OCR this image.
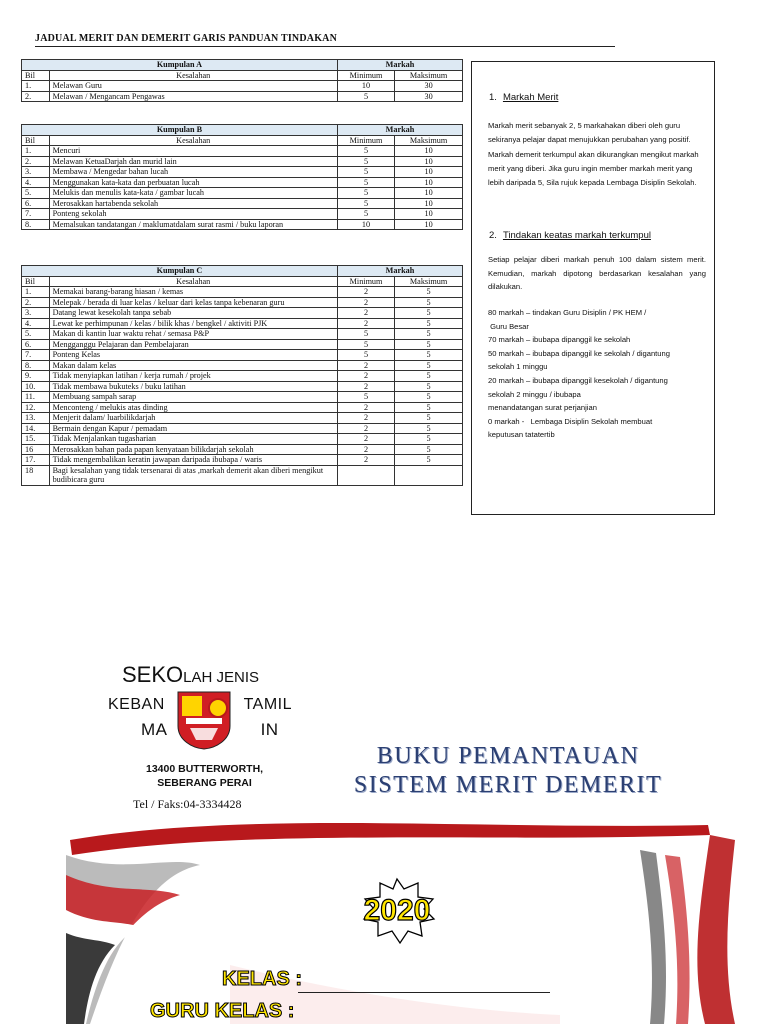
JADUAL MERIT DAN DEMERIT GARIS PANDUAN TINDAKAN
Kumpulan A		Markah	
Bil	Kesalahan	Minimum	Maksimum
1.	Melawan Guru	10	30
2.	Melawan / Mengancam Pengawas	5	30
Kumpulan B		Markah	
Bil	Kesalahan	Minimum	Maksimum
1.	Mencuri	5	10
2.	Melawan KetuaDarjah dan murid lain	5	10
3.	Membawa / Mengedar bahan lucah	5	10
4.	Menggunakan kata-kata dan perbuatan lucah	5	10
5.	Melukis dan menulis kata-kata / gambar lucah	5	10
6.	Merosakkan hartabenda sekolah	5	10
7.	Ponteng sekolah	5	10
8.	Memalsukan tandatangan / maklumatdalam surat rasmi / buku laporan	10	10
Kumpulan C		Markah	
Bil	Kesalahan	Minimum	Maksimum
1.	Memakai barang-barang hiasan / kemas	2	5
2.	Melepak / berada di luar kelas / keluar dari kelas tanpa kebenaran guru	2	5
3.	Datang lewat kesekolah tanpa sebab	2	5
4.	Lewat ke perhimpunan / kelas / bilik khas / bengkel / aktiviti PJK	2	5
5.	Makan di kantin luar waktu rehat / semasa P&P	5	5
6.	Mengganggu Pelajaran dan Pembelajaran	5	5
7.	Ponteng Kelas	5	5
8.	Makan dalam kelas	2	5
9.	Tidak menyiapkan latihan / kerja rumah / projek	2	5
10.	Tidak membawa bukuteks / buku latihan	2	5
11.	Membuang sampah sarap	5	5
12.	Menconteng / melukis atas dinding	2	5
13.	Menjerit dalam/ luarbilikdarjah	2	5
14.	Bermain dengan Kapur / pemadam	2	5
15.	Tidak Menjalankan tugasharian	2	5
16	Merosakkan bahan pada papan kenyataan bilikdarjah sekolah	2	5
17.	Tidak mengembalikan keratin jawapan daripada ibubapa / waris	2	5
18	Bagi kesalahan yang tidak tersenarai di atas ,markah demerit akan diberi mengikut budibicara guru		
1. Markah Merit
Markah merit sebanyak 2, 5 markahakan diberi oleh guru sekiranya pelajar dapat menujukkan perubahan yang positif. Markah demerit terkumpul akan dikurangkan mengikut markah merit yang diberi. Jika guru ingin member markah merit yang lebih daripada 5, Sila rujuk kepada Lembaga Disiplin Sekolah.
2. Tindakan keatas markah terkumpul
Setiap pelajar diberi markah penuh 100 dalam sistem merit. Kemudian, markah dipotong berdasarkan kesalahan yang dilakukan.
80 markah – tindakan Guru Disiplin / PK HEM /
Guru Besar
70 markah – ibubapa dipanggil ke sekolah
50 markah – ibubapa dipanggil ke sekolah / digantung
sekolah 1 minggu
20 markah – ibubapa dipanggil kesekolah / digantung
sekolah 2 minggu / ibubapa
menandatangan surat perjanjian
0 markah -   Lembaga Disiplin Sekolah membuat
keputusan tatatertib
SEKOLAH JENIS
KEBAN                TAMIL
MA                  IN
13400 BUTTERWORTH,
SEBERANG PERAI
Tel / Faks:04-3334428
BUKU PEMANTAUAN
SISTEM MERIT DEMERIT
2020
KELAS :
GURU KELAS :
